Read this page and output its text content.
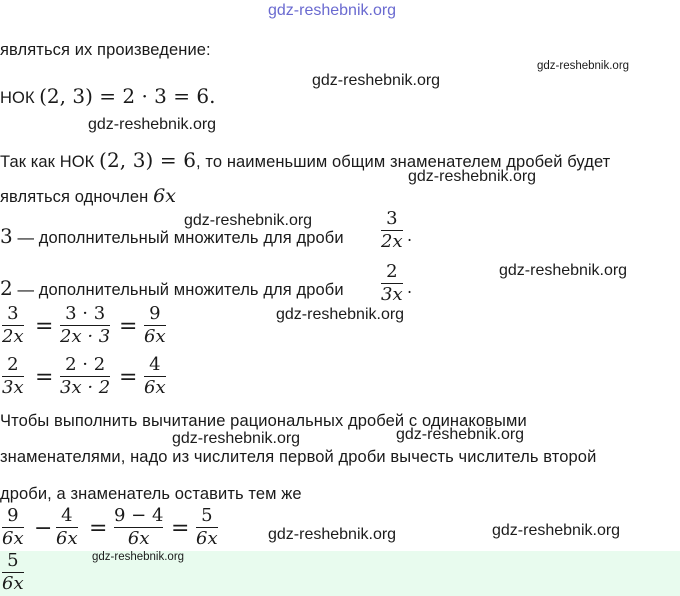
gdz-reshebnik.org
являться их произведение:
НОК (2, 3) = 2 · 3 = 6.
gdz-reshebnik.org
gdz-reshebnik.org
gdz-reshebnik.org
Так как НОК (2, 3) = 6, то наименьшим общим знаменателем дробей будет
gdz-reshebnik.org
являться одночлен 6x
3 — дополнительный множитель для дроби
3
2x .
gdz-reshebnik.org
2 — дополнительный множитель для дроби
2
3x .
gdz-reshebnik.org
3
2x =
3 · 3
2x · 3 =
9
6x
gdz-reshebnik.org
2
3x =
2 · 2
3x · 2 =
4
6x
Чтобы выполнить вычитание рациональных дробей с одинаковыми
gdz-reshebnik.org	gdz-reshebnik.org
знаменателями, надо из числителя первой дроби вычесть числитель второй
дроби, а знаменатель оставить тем же
9
6x −
4
6x =
9 − 4
6x =
5
6x	gdz-reshebnik.org	gdz-reshebnik.org
gdz-reshebnik.org
5
6x
